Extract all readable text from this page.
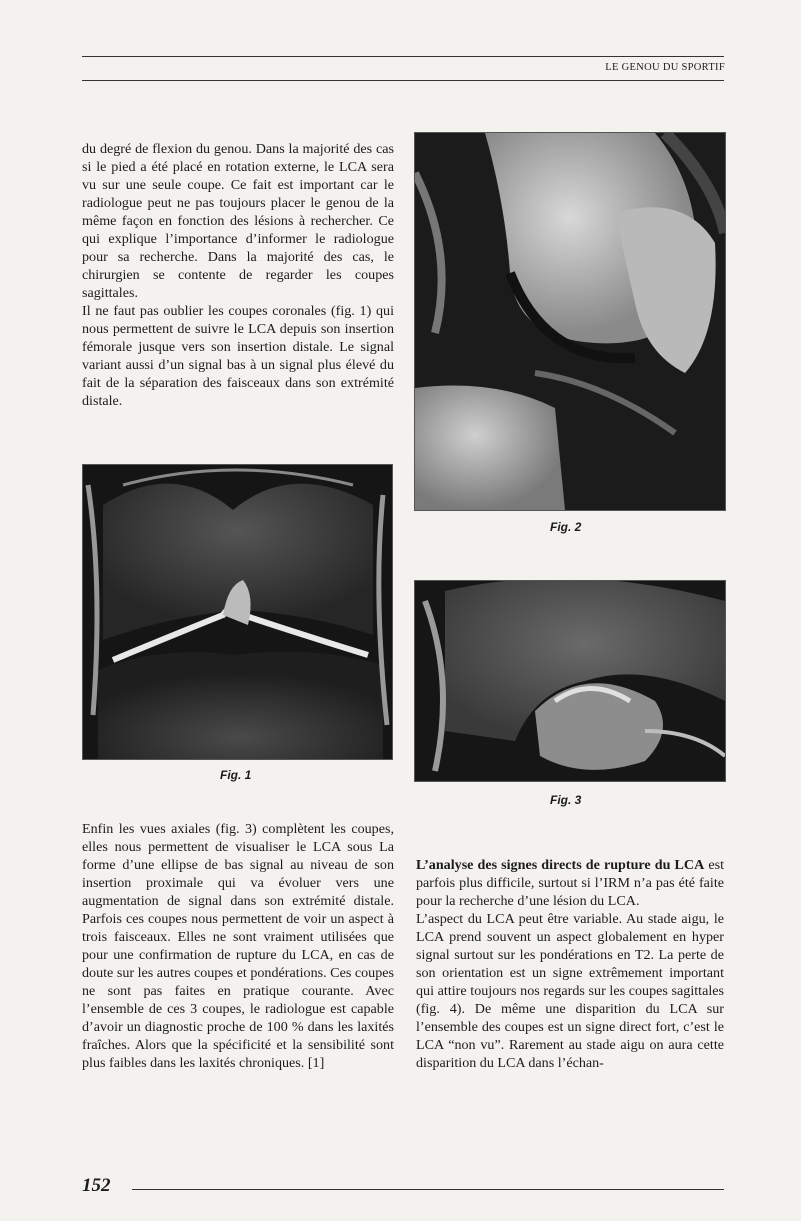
LE GENOU DU SPORTIF

du degré de flexion du genou. Dans la majorité des cas si le pied a été placé en rotation externe, le LCA sera vu sur une seule coupe. Ce fait est important car le radiologue peut ne pas toujours placer le genou de la même façon en fonction des lésions à rechercher. Ce qui explique l’importance d’informer le radiologue pour sa recherche. Dans la majorité des cas, le chirurgien se contente de regarder les coupes sagittales.

Il ne faut pas oublier les coupes coronales (fig. 1) qui nous permettent de suivre le LCA depuis son insertion fémorale jusque vers son insertion distale. Le signal variant aussi d’un signal bas à un signal plus élevé du fait de la séparation des faisceaux dans son extrémité distale.

Fig. 1
Fig. 2
Fig. 3

Enfin les vues axiales (fig. 3) complètent les coupes, elles nous permettent de visualiser le LCA sous La forme d’une ellipse de bas signal au niveau de son insertion proximale qui va évoluer vers une augmentation de signal dans son extrémité distale. Parfois ces coupes nous permettent de voir un aspect à trois faisceaux. Elles ne sont vraiment utilisées que pour une confirmation de rupture du LCA, en cas de doute sur les autres coupes et pondérations. Ces coupes ne sont pas faites en pratique courante. Avec l’ensemble de ces 3 coupes, le radiologue est capable d’avoir un diagnostic proche de 100 % dans les laxités fraîches. Alors que la spécificité et la sensibilité sont plus faibles dans les laxités chroniques. [1]

L’analyse des signes directs de rupture du LCA est parfois plus difficile, surtout si l’IRM n’a pas été faite pour la recherche d’une lésion du LCA.

L’aspect du LCA peut être variable. Au stade aigu, le LCA prend souvent un aspect globalement en hyper signal surtout sur les pondérations en T2. La perte de son orientation est un signe extrêmement important qui attire toujours nos regards sur les coupes sagittales (fig. 4). De même une disparition du LCA sur l’ensemble des coupes est un signe direct fort, c’est le LCA “non vu”. Rarement au stade aigu on aura cette disparition du LCA dans l’échan-

152
